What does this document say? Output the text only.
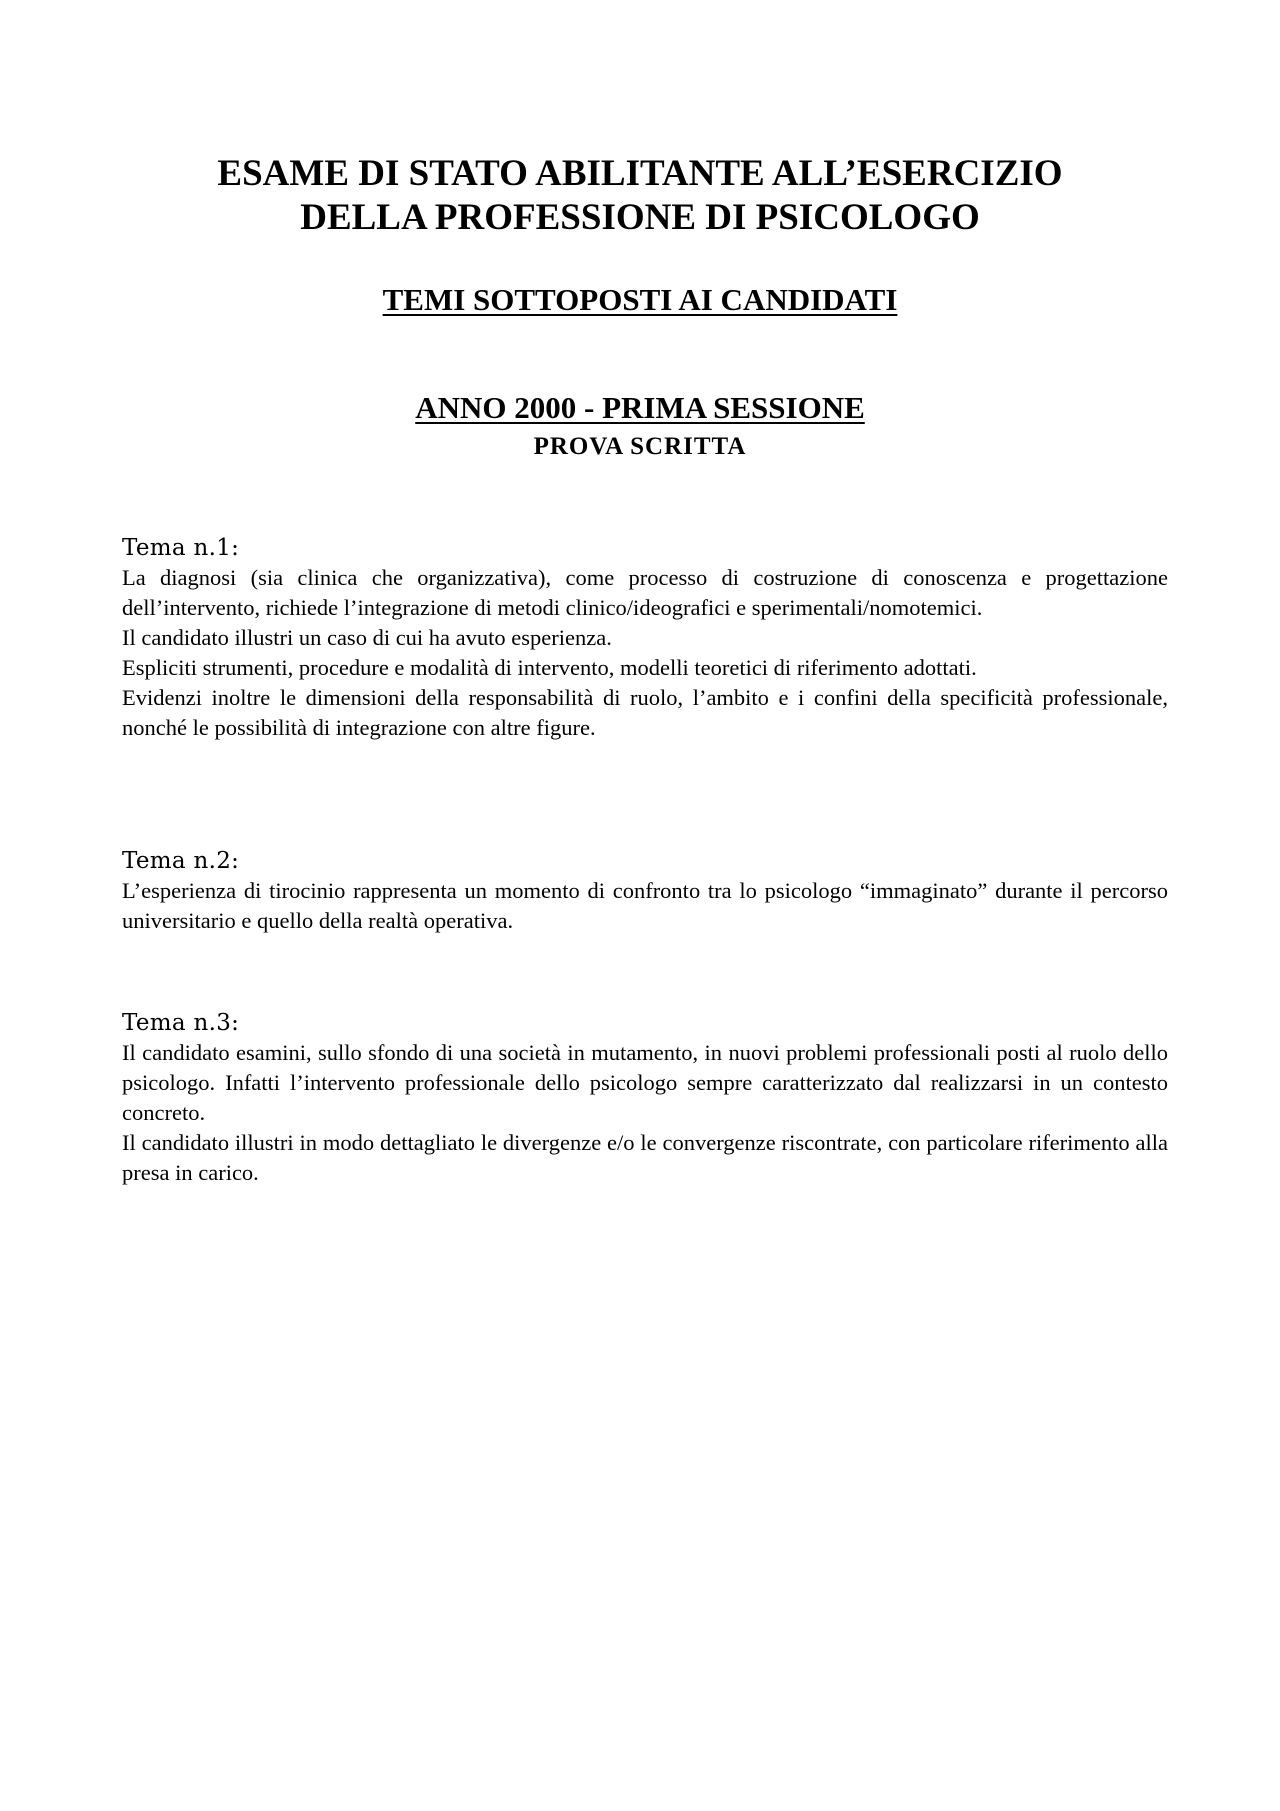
ESAME DI STATO ABILITANTE ALL’ESERCIZIO
DELLA PROFESSIONE DI PSICOLOGO
TEMI SOTTOPOSTI AI CANDIDATI
ANNO 2000 - PRIMA SESSIONE
PROVA SCRITTA

Tema n.1:

La diagnosi (sia clinica che organizzativa), come processo di costruzione di conoscenza e progettazione dell’intervento, richiede l’integrazione di metodi clinico/ideografici e sperimentali/nomotemici.

Il candidato illustri un caso di cui ha avuto esperienza.

Espliciti strumenti, procedure e modalità di intervento, modelli teoretici di riferimento adottati.

Evidenzi inoltre le dimensioni della responsabilità di ruolo, l’ambito e i confini della specificità professionale, nonché le possibilità di integrazione con altre figure.

Tema n.2:

L’esperienza di tirocinio rappresenta un momento di confronto tra lo psicologo “immaginato” durante il percorso universitario e quello della realtà operativa.

Tema n.3:

Il candidato esamini, sullo sfondo di una società in mutamento, in nuovi problemi professionali posti al ruolo dello psicologo. Infatti l’intervento professionale dello psicologo sempre caratterizzato dal realizzarsi in un contesto concreto.

Il candidato illustri in modo dettagliato le divergenze e/o le convergenze riscontrate, con particolare riferimento alla presa in carico.
